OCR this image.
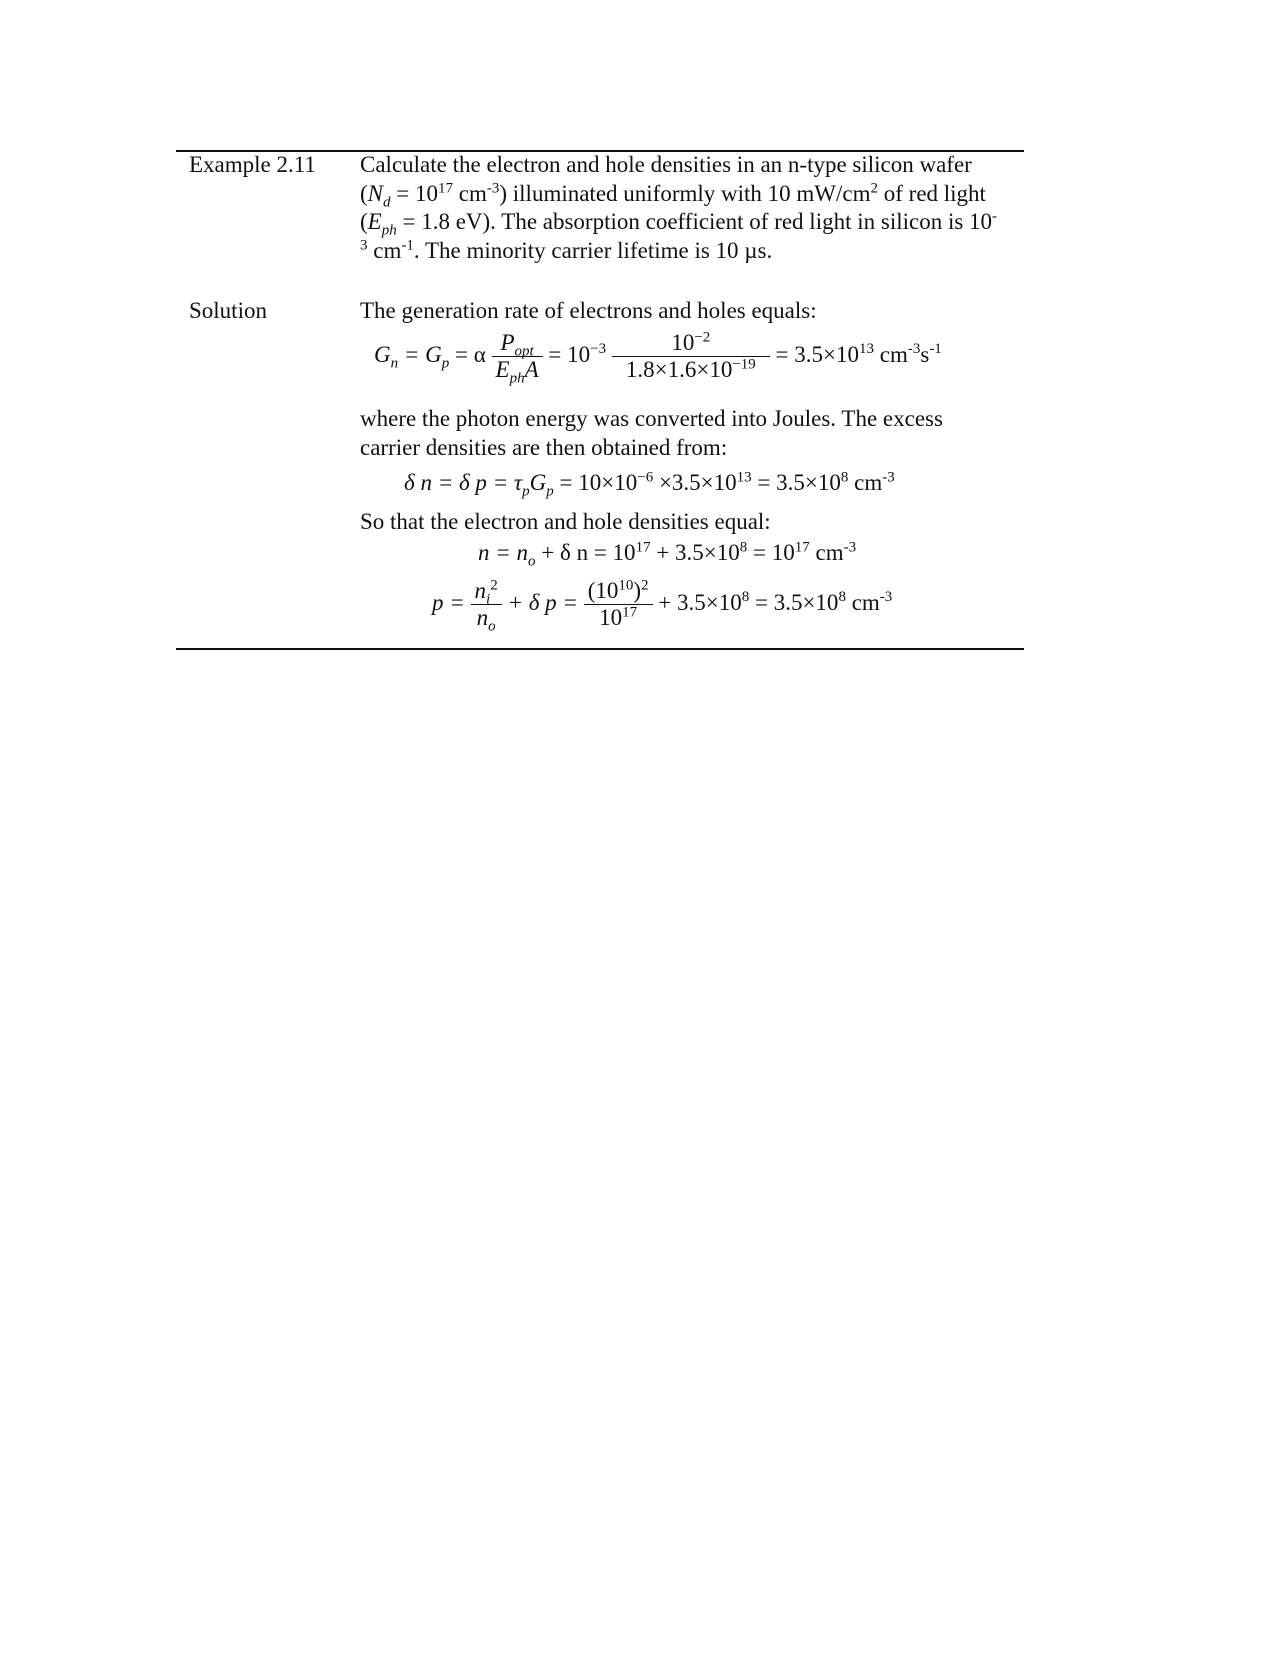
Example 2.11 Calculate the electron and hole densities in an n-type silicon wafer ($N_d = 10^{17}$ $cm^{-3}$) illuminated uniformly with 10 $mW/cm^2$ of red light ($E_{ph} = 1.8$ eV). The absorption coefficient of red light in silicon is $10^{-3}$ $cm^{-1}$. The minority carrier lifetime is 10 µs.
Solution	The generation rate of electrons and holes equals:
$G_n = G_p = \alpha \frac{P_{opt}}{E_{ph}A} = 10^{-3} \frac{10^{-2}}{1.8\times 1.6\times 10^{-19}} = 3.5\times 10^{13}$ $cm^{-3}s^{-1}$
where the photon energy was converted into Joules. The excess carrier densities are then obtained from:
δ n = δ $p = \tau_pG_p = 10\times 10^{-6} \times 3.5\times 10^{13} = 3.5\times 10^8$ $cm^{-3}$
So that the electron and hole densities equal:
$n = n_o + \delta$ $n = 10^{17} + 3.5\times 10^8 = 10^{17}$ $cm^{-3}$
$p = \frac{n_i^2}{n_o} + \delta$ $p = \frac{(10^{10})^2}{10^{17}} + 3.5\times 10^8 = 3.5\times 10^8$ $cm^{-3}$
